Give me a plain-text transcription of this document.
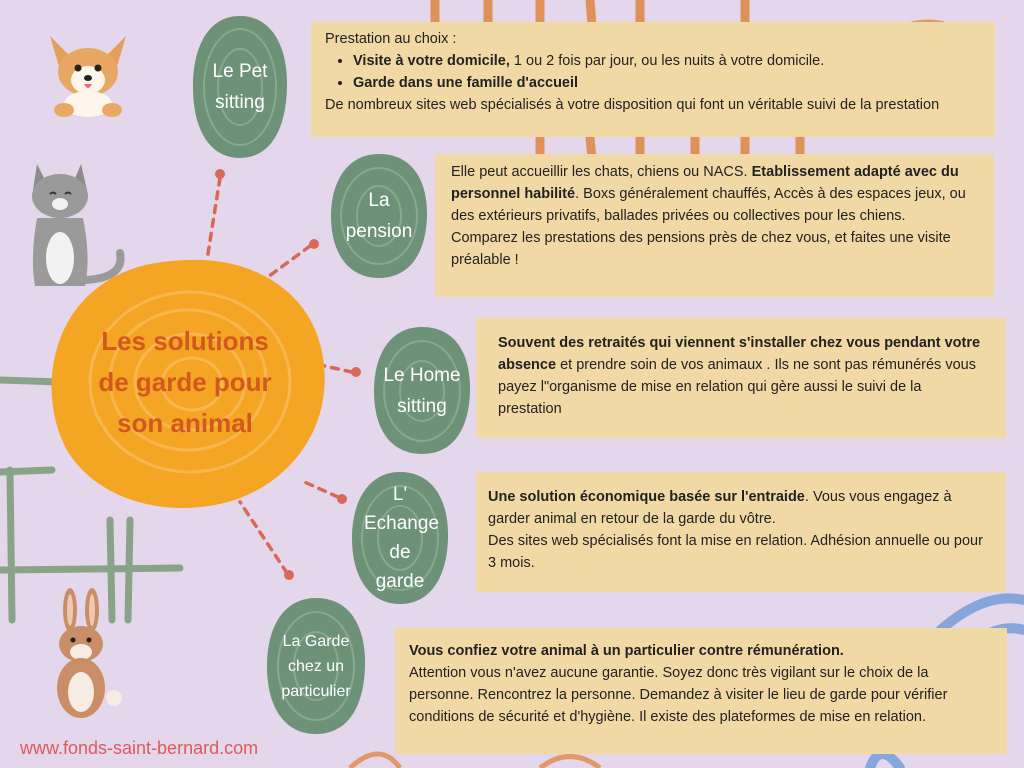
Les solutions de garde pour son animal
Le Pet sitting
La pension
Le Home sitting
L' Echange de garde
La Garde chez un particulier

Prestation au choix :

• Visite à votre domicile, 1 ou 2 fois par jour, ou les nuits à votre domicile.
• Garde dans une famille d'accueil

De nombreux sites web spécialisés à votre disposition qui font un véritable suivi de la prestation

Elle peut accueillir les chats, chiens ou NACS. Etablissement adapté avec du personnel habilité. Boxs généralement chauffés, Accès à des espaces jeux, ou des extérieurs privatifs, ballades privées ou collectives pour les chiens.

Comparez les prestations des pensions près de chez vous, et faites une visite préalable !

Souvent des retraités qui viennent s'installer chez vous pendant votre absence et prendre soin de vos animaux . Ils ne sont pas rémunérés vous payez l"organisme de mise en relation qui gère aussi le suivi de la prestation

Une solution économique basée sur l'entraide. Vous vous engagez à garder animal en retour de la garde du vôtre.

Des sites web spécialisés font la mise en relation. Adhésion annuelle ou pour 3 mois.

Vous confiez votre animal à un particulier contre rémunération.

Attention vous n'avez aucune garantie. Soyez donc très vigilant sur le choix de la personne. Rencontrez la personne. Demandez à visiter le lieu de garde pour vérifier conditions de sécurité et d'hygiène. Il existe des plateformes de mise en relation.

www.fonds-saint-bernard.com
